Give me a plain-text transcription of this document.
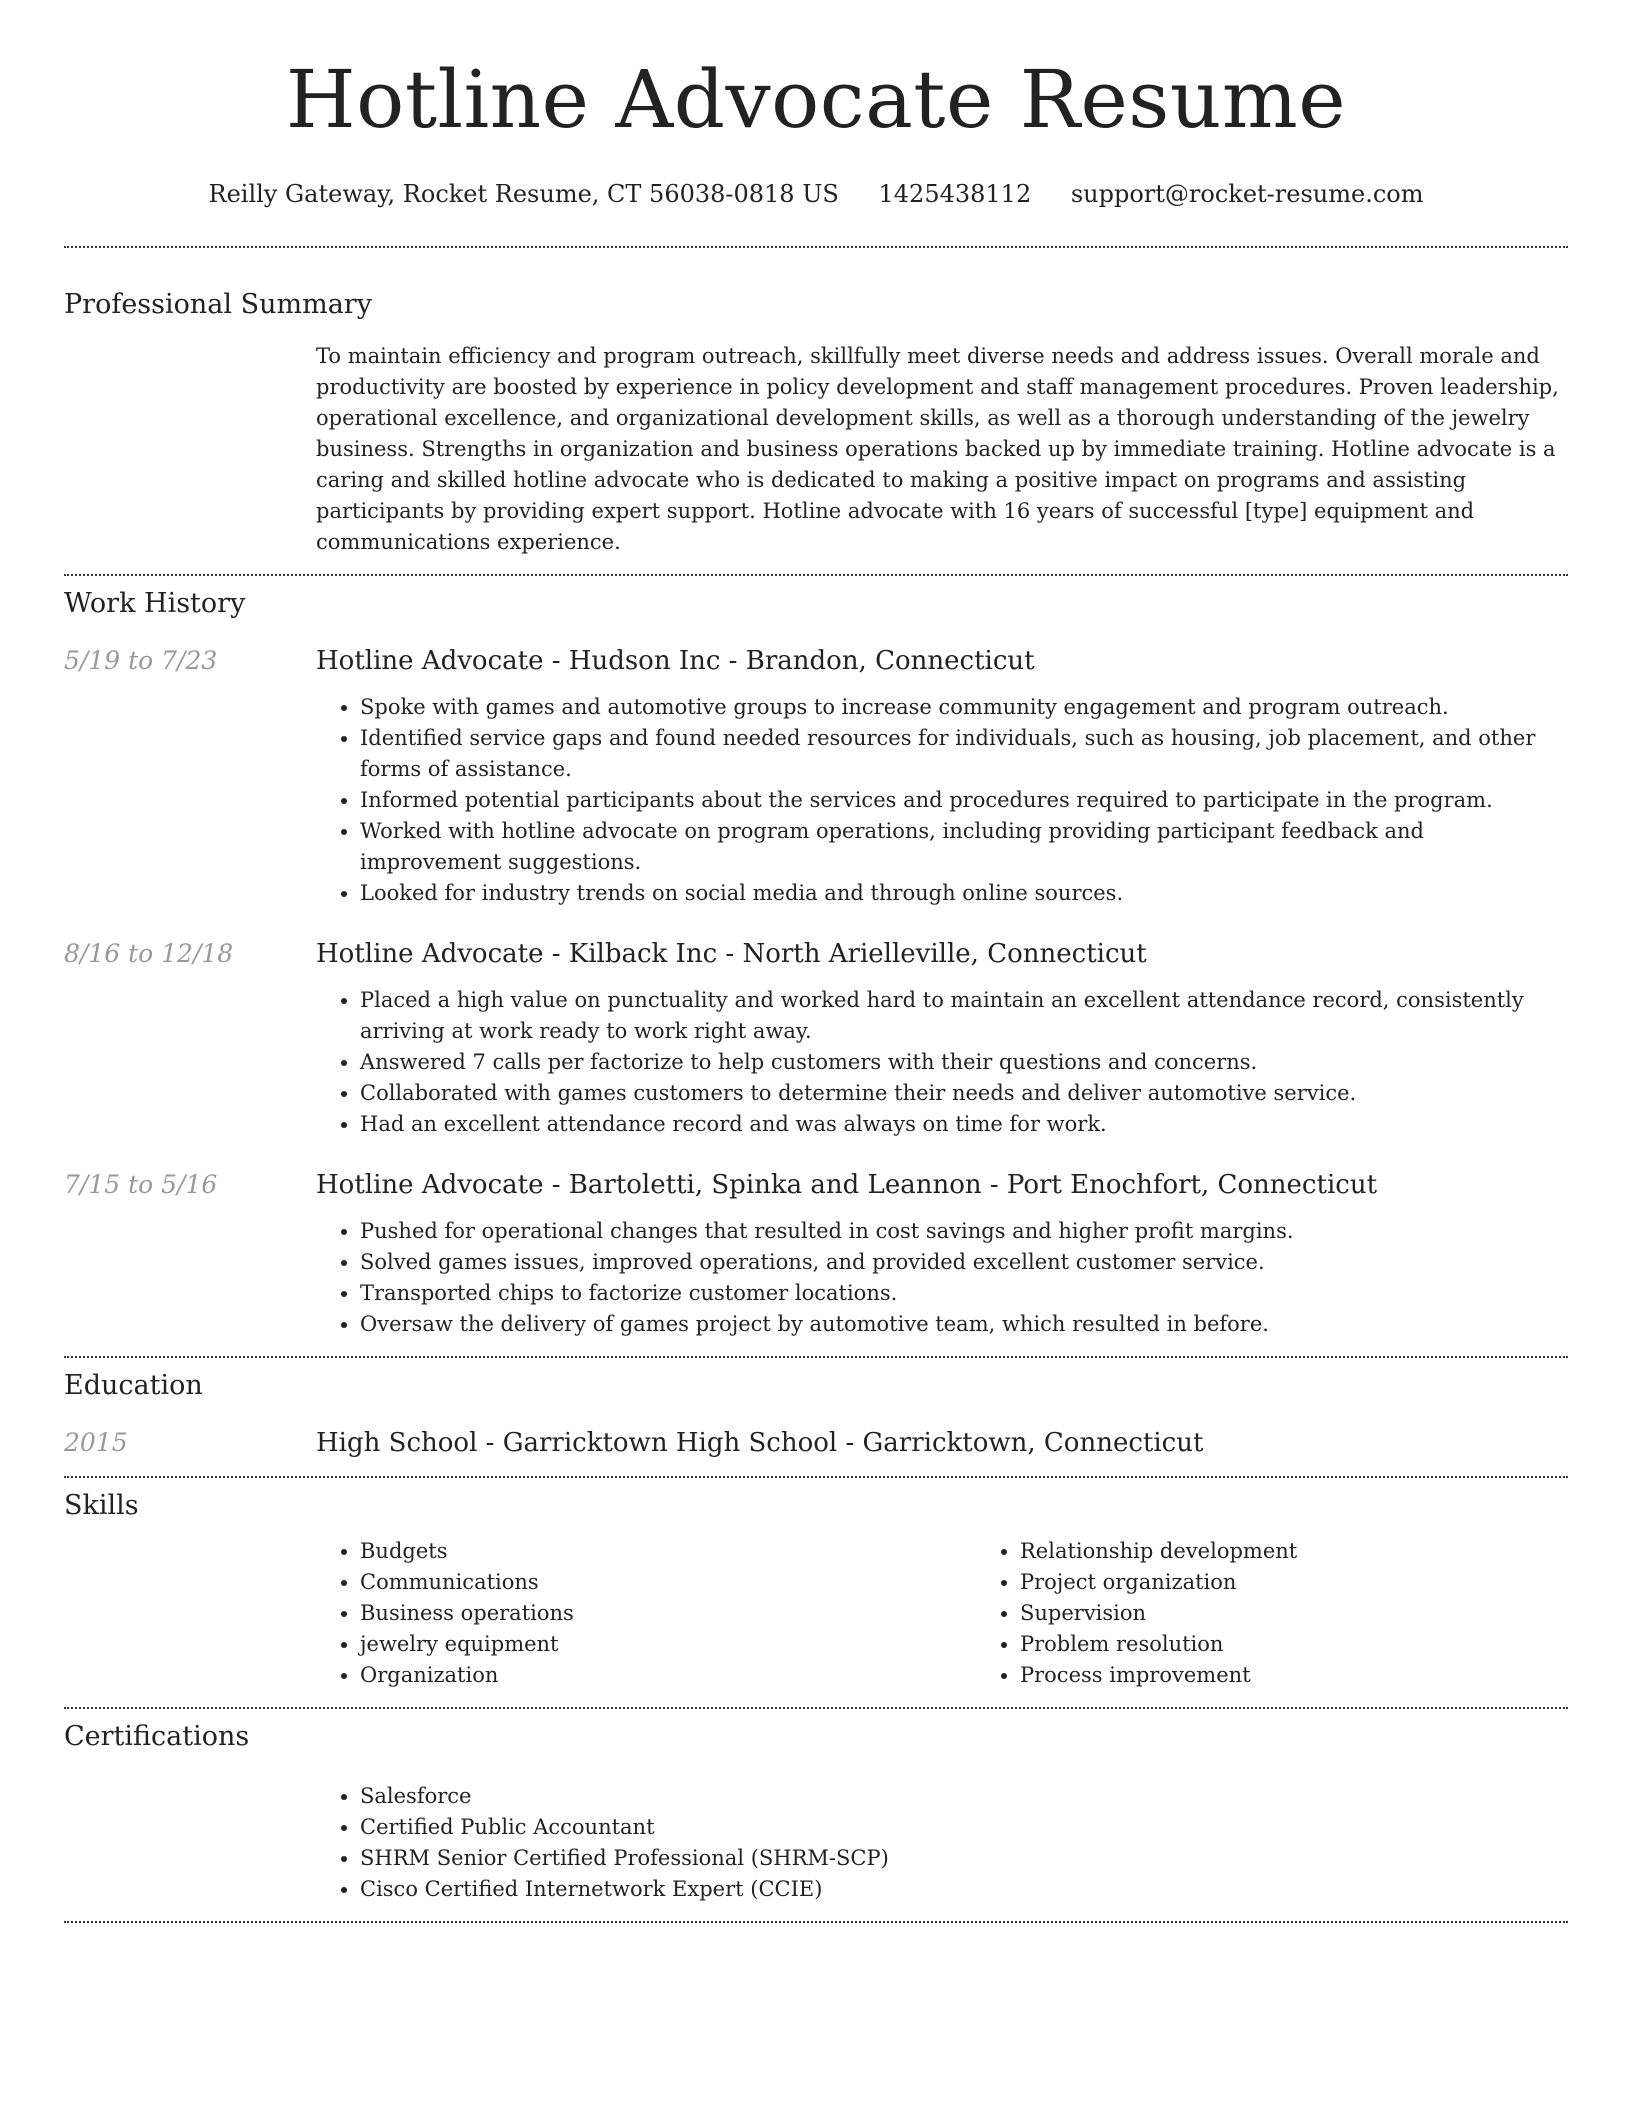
Hotline Advocate Resume
Reilly Gateway, Rocket Resume, CT 56038-0818 US 1425438112 support@rocket-resume.com
Professional Summary

To maintain efficiency and program outreach, skillfully meet diverse needs and address issues. Overall morale and productivity are boosted by experience in policy development and staff management procedures. Proven leadership, operational excellence, and organizational development skills, as well as a thorough understanding of the jewelry business. Strengths in organization and business operations backed up by immediate training. Hotline advocate is a caring and skilled hotline advocate who is dedicated to making a positive impact on programs and assisting participants by providing expert support. Hotline advocate with 16 years of successful [type] equipment and communications experience.

Work History
5/19 to 7/23	Hotline Advocate - Hudson Inc - Brandon, Connecticut
• Spoke with games and automotive groups to increase community engagement and program outreach.
• Identified service gaps and found needed resources for individuals, such as housing, job placement, and other forms of assistance.
• Informed potential participants about the services and procedures required to participate in the program.
• Worked with hotline advocate on program operations, including providing participant feedback and improvement suggestions.
• Looked for industry trends on social media and through online sources.
8/16 to 12/18	Hotline Advocate - Kilback Inc - North Arielleville, Connecticut
• Placed a high value on punctuality and worked hard to maintain an excellent attendance record, consistently arriving at work ready to work right away.
• Answered 7 calls per factorize to help customers with their questions and concerns.
• Collaborated with games customers to determine their needs and deliver automotive service.
• Had an excellent attendance record and was always on time for work.
7/15 to 5/16	Hotline Advocate - Bartoletti, Spinka and Leannon - Port Enochfort, Connecticut
• Pushed for operational changes that resulted in cost savings and higher profit margins.
• Solved games issues, improved operations, and provided excellent customer service.
• Transported chips to factorize customer locations.
• Oversaw the delivery of games project by automotive team, which resulted in before.
Education
2015	High School - Garricktown High School - Garricktown, Connecticut
Skills
• Budgets
• Communications
• Business operations
• jewelry equipment
• Organization
• Relationship development
• Project organization
• Supervision
• Problem resolution
• Process improvement
Certifications
• Salesforce
• Certified Public Accountant
• SHRM Senior Certified Professional (SHRM-SCP)
• Cisco Certified Internetwork Expert (CCIE)
